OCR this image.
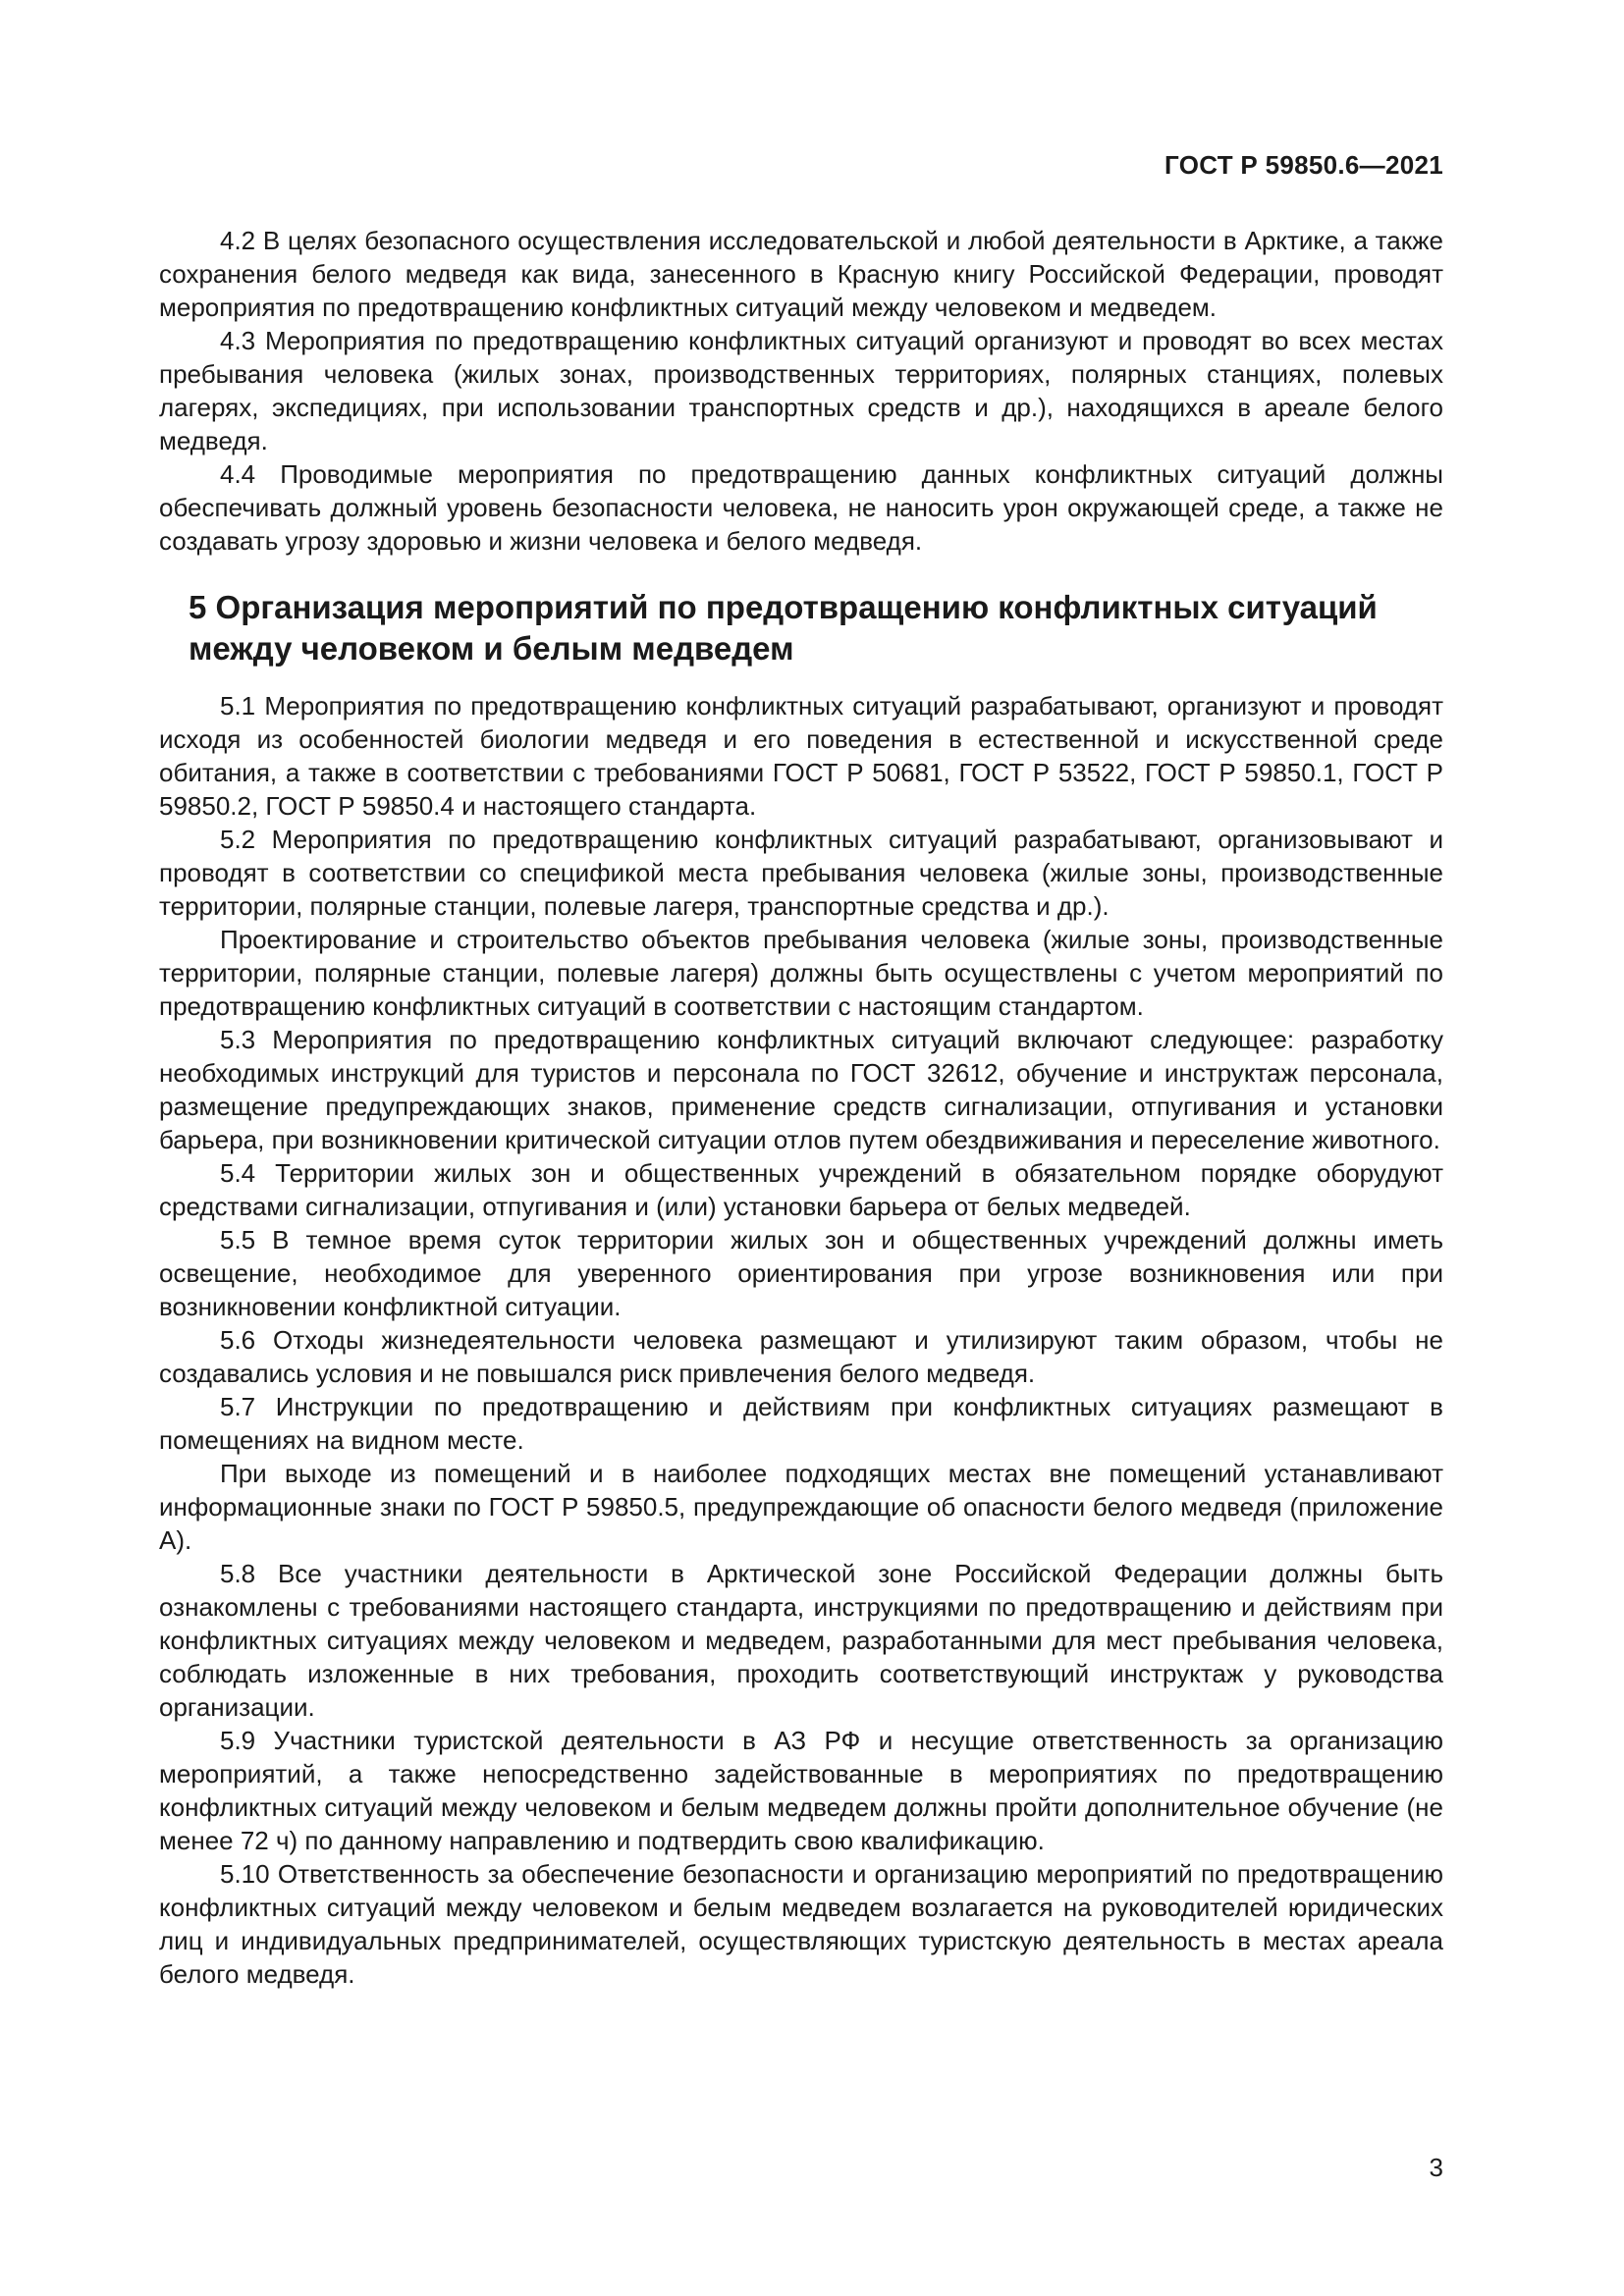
ГОСТ Р 59850.6—2021

4.2 В целях безопасного осуществления исследовательской и любой деятельности в Арктике, а также сохранения белого медведя как вида, занесенного в Красную книгу Российской Федерации, проводят мероприятия по предотвращению конфликтных ситуаций между человеком и медведем.

4.3 Мероприятия по предотвращению конфликтных ситуаций организуют и проводят во всех местах пребывания человека (жилых зонах, производственных территориях, полярных станциях, полевых лагерях, экспедициях, при использовании транспортных средств и др.), находящихся в ареале белого медведя.

4.4 Проводимые мероприятия по предотвращению данных конфликтных ситуаций должны обеспечивать должный уровень безопасности человека, не наносить урон окружающей среде, а также не создавать угрозу здоровью и жизни человека и белого медведя.

5 Организация мероприятий по предотвращению конфликтных ситуаций между человеком и белым медведем

5.1 Мероприятия по предотвращению конфликтных ситуаций разрабатывают, организуют и проводят исходя из особенностей биологии медведя и его поведения в естественной и искусственной среде обитания, а также в соответствии с требованиями ГОСТ Р 50681, ГОСТ Р 53522, ГОСТ Р 59850.1, ГОСТ Р 59850.2, ГОСТ Р 59850.4 и настоящего стандарта.

5.2 Мероприятия по предотвращению конфликтных ситуаций разрабатывают, организовывают и проводят в соответствии со спецификой места пребывания человека (жилые зоны, производственные территории, полярные станции, полевые лагеря, транспортные средства и др.).

Проектирование и строительство объектов пребывания человека (жилые зоны, производственные территории, полярные станции, полевые лагеря) должны быть осуществлены с учетом мероприятий по предотвращению конфликтных ситуаций в соответствии с настоящим стандартом.

5.3 Мероприятия по предотвращению конфликтных ситуаций включают следующее: разработку необходимых инструкций для туристов и персонала по ГОСТ 32612, обучение и инструктаж персонала, размещение предупреждающих знаков, применение средств сигнализации, отпугивания и установки барьера, при возникновении критической ситуации отлов путем обездвиживания и переселение животного.

5.4 Территории жилых зон и общественных учреждений в обязательном порядке оборудуют средствами сигнализации, отпугивания и (или) установки барьера от белых медведей.

5.5 В темное время суток территории жилых зон и общественных учреждений должны иметь освещение, необходимое для уверенного ориентирования при угрозе возникновения или при возникновении конфликтной ситуации.

5.6 Отходы жизнедеятельности человека размещают и утилизируют таким образом, чтобы не создавались условия и не повышался риск привлечения белого медведя.

5.7 Инструкции по предотвращению и действиям при конфликтных ситуациях размещают в помещениях на видном месте.

При выходе из помещений и в наиболее подходящих местах вне помещений устанавливают информационные знаки по ГОСТ Р 59850.5, предупреждающие об опасности белого медведя (приложение А).

5.8 Все участники деятельности в Арктической зоне Российской Федерации должны быть ознакомлены с требованиями настоящего стандарта, инструкциями по предотвращению и действиям при конфликтных ситуациях между человеком и медведем, разработанными для мест пребывания человека, соблюдать изложенные в них требования, проходить соответствующий инструктаж у руководства организации.

5.9 Участники туристской деятельности в АЗ РФ и несущие ответственность за организацию мероприятий, а также непосредственно задействованные в мероприятиях по предотвращению конфликтных ситуаций между человеком и белым медведем должны пройти дополнительное обучение (не менее 72 ч) по данному направлению и подтвердить свою квалификацию.

5.10 Ответственность за обеспечение безопасности и организацию мероприятий по предотвращению конфликтных ситуаций между человеком и белым медведем возлагается на руководителей юридических лиц и индивидуальных предпринимателей, осуществляющих туристскую деятельность в местах ареала белого медведя.

3
